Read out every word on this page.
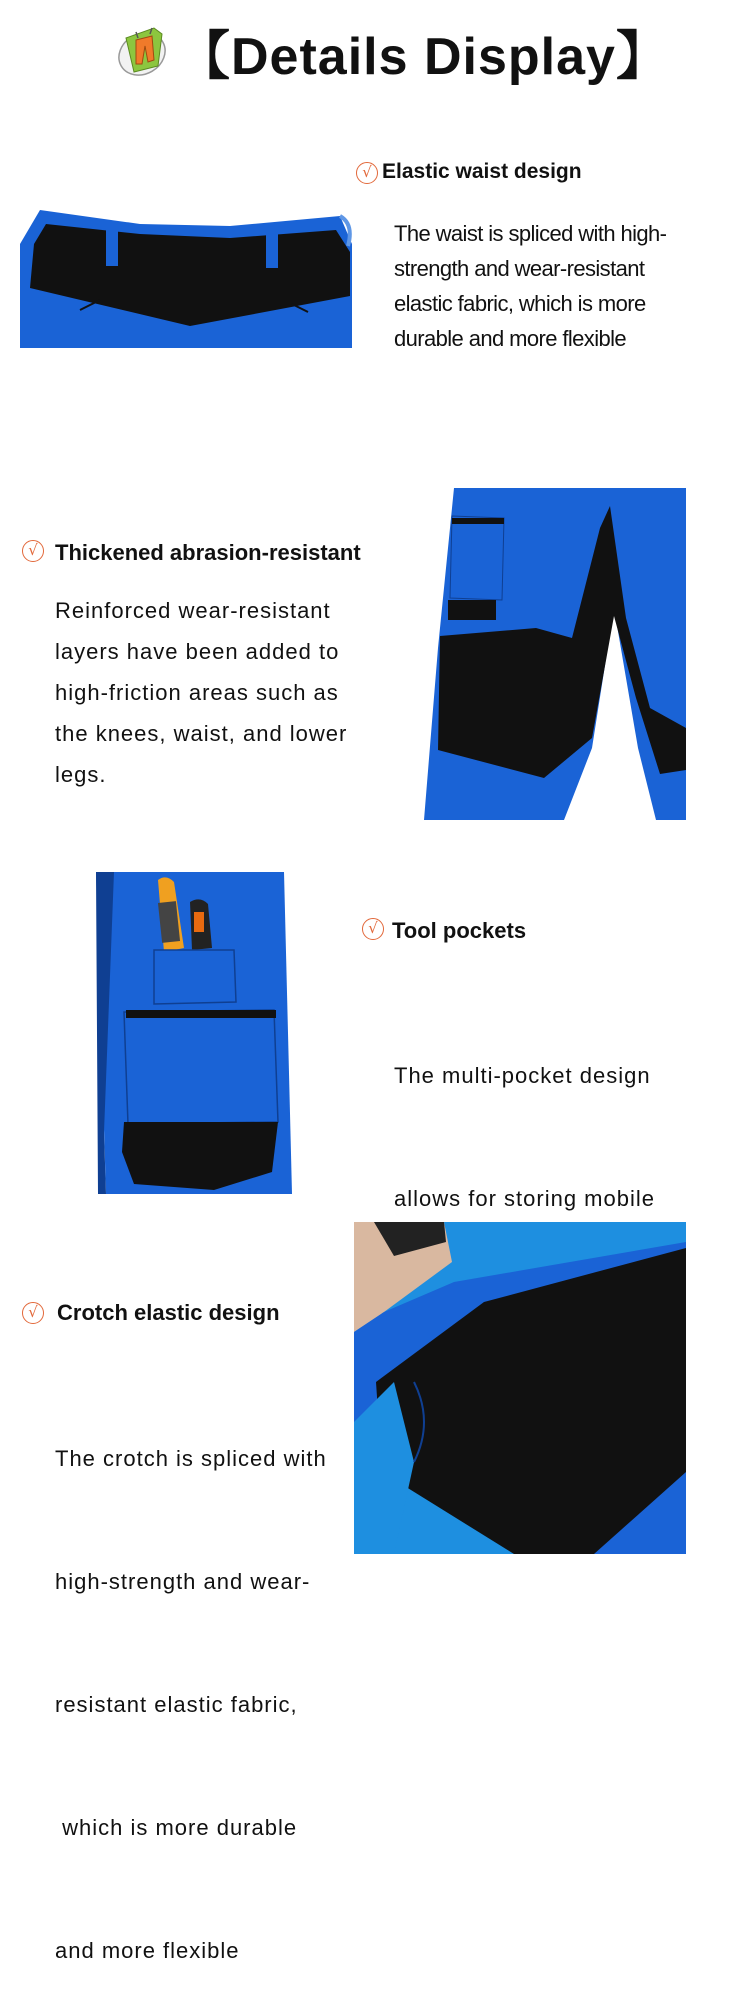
【Details Display】
√ Elastic waist design
The waist is spliced with high-
strength and wear-resistant
elastic fabric, which is more
durable and more flexible
√ Thickened abrasion-resistant
Reinforced wear-resistant
layers have been added to
high-friction areas such as
the knees, waist, and lower
legs.
√ Tool pockets

The multi-pocket design

allows for storing mobile

√ Crotch elastic design

The crotch is spliced with

high-strength and wear-

resistant elastic fabric,

which is more durable

and more flexible
